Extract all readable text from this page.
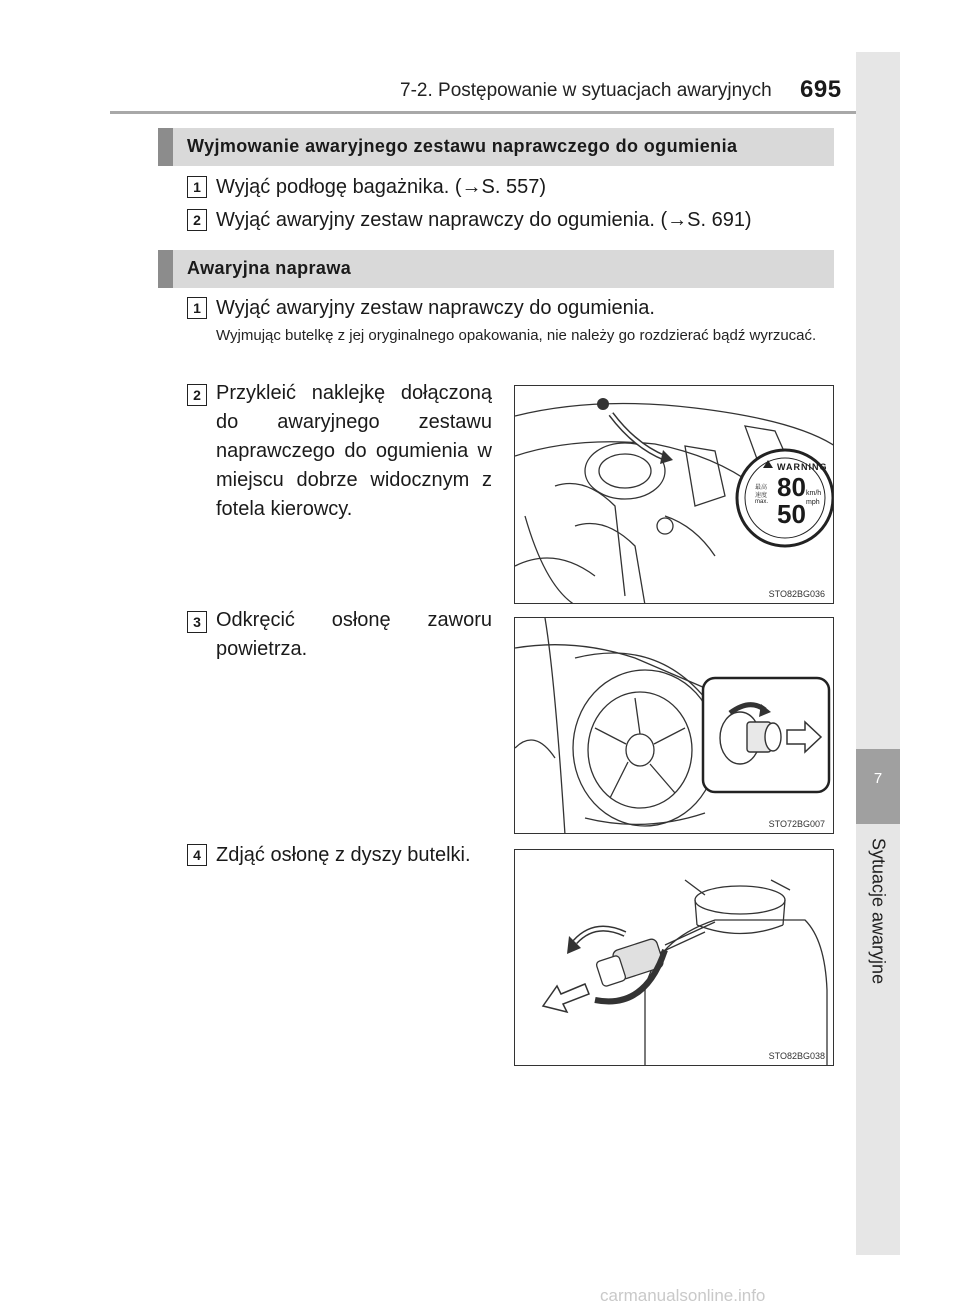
7-2. Postępowanie w sytuacjach awaryjnych 695
7
Sytuacje awaryjne
Wyjmowanie awaryjnego zestawu naprawczego do ogumienia
1 Wyjąć podłogę bagażnika. (→S. 557)
2 Wyjąć awaryjny zestaw naprawczy do ogumienia. (→S. 691)
Awaryjna naprawa
1 Wyjąć awaryjny zestaw naprawczy do ogumienia.
Wyjmując butelkę z jej oryginalnego opakowania, nie należy go rozdzierać bądź wyrzucać.
2 Przykleić naklejkę dołączoną do awaryjnego zestawu naprawczego do ogumienia w miejscu dobrze widocznym z fotela kierowcy.
WARNING
80
50
km/h
mph
最高
速度
max.
STO82BG036
3 Odkręcić osłonę zaworu powietrza.
STO72BG007
4 Zdjąć osłonę z dyszy butelki.
STO82BG038
carmanualsonline.info
